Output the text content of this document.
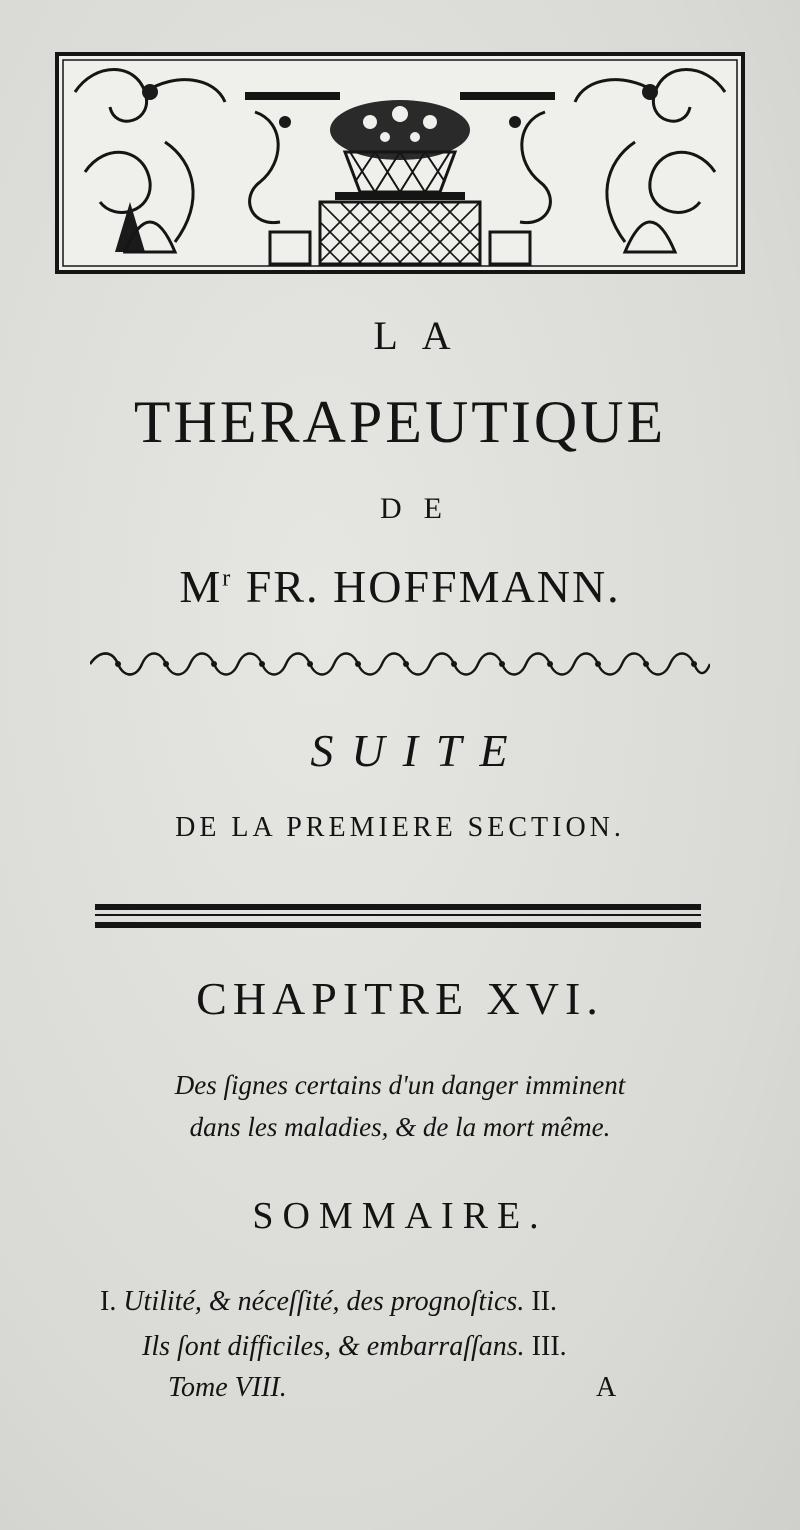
LA
THERAPEUTIQUE
DE
$M^r$ FR. HOFFMANN.
SUITE
DE LA PREMIERE SECTION.
CHAPITRE XVI.
Des ſignes certains d'un danger imminent
dans les maladies, & de la mort même.
SOMMAIRE.
I. Utilité, & néceſſité, des prognoſtics. II.
Ils ſont difficiles, & embarraſſans. III.
Tome VIII.	A
